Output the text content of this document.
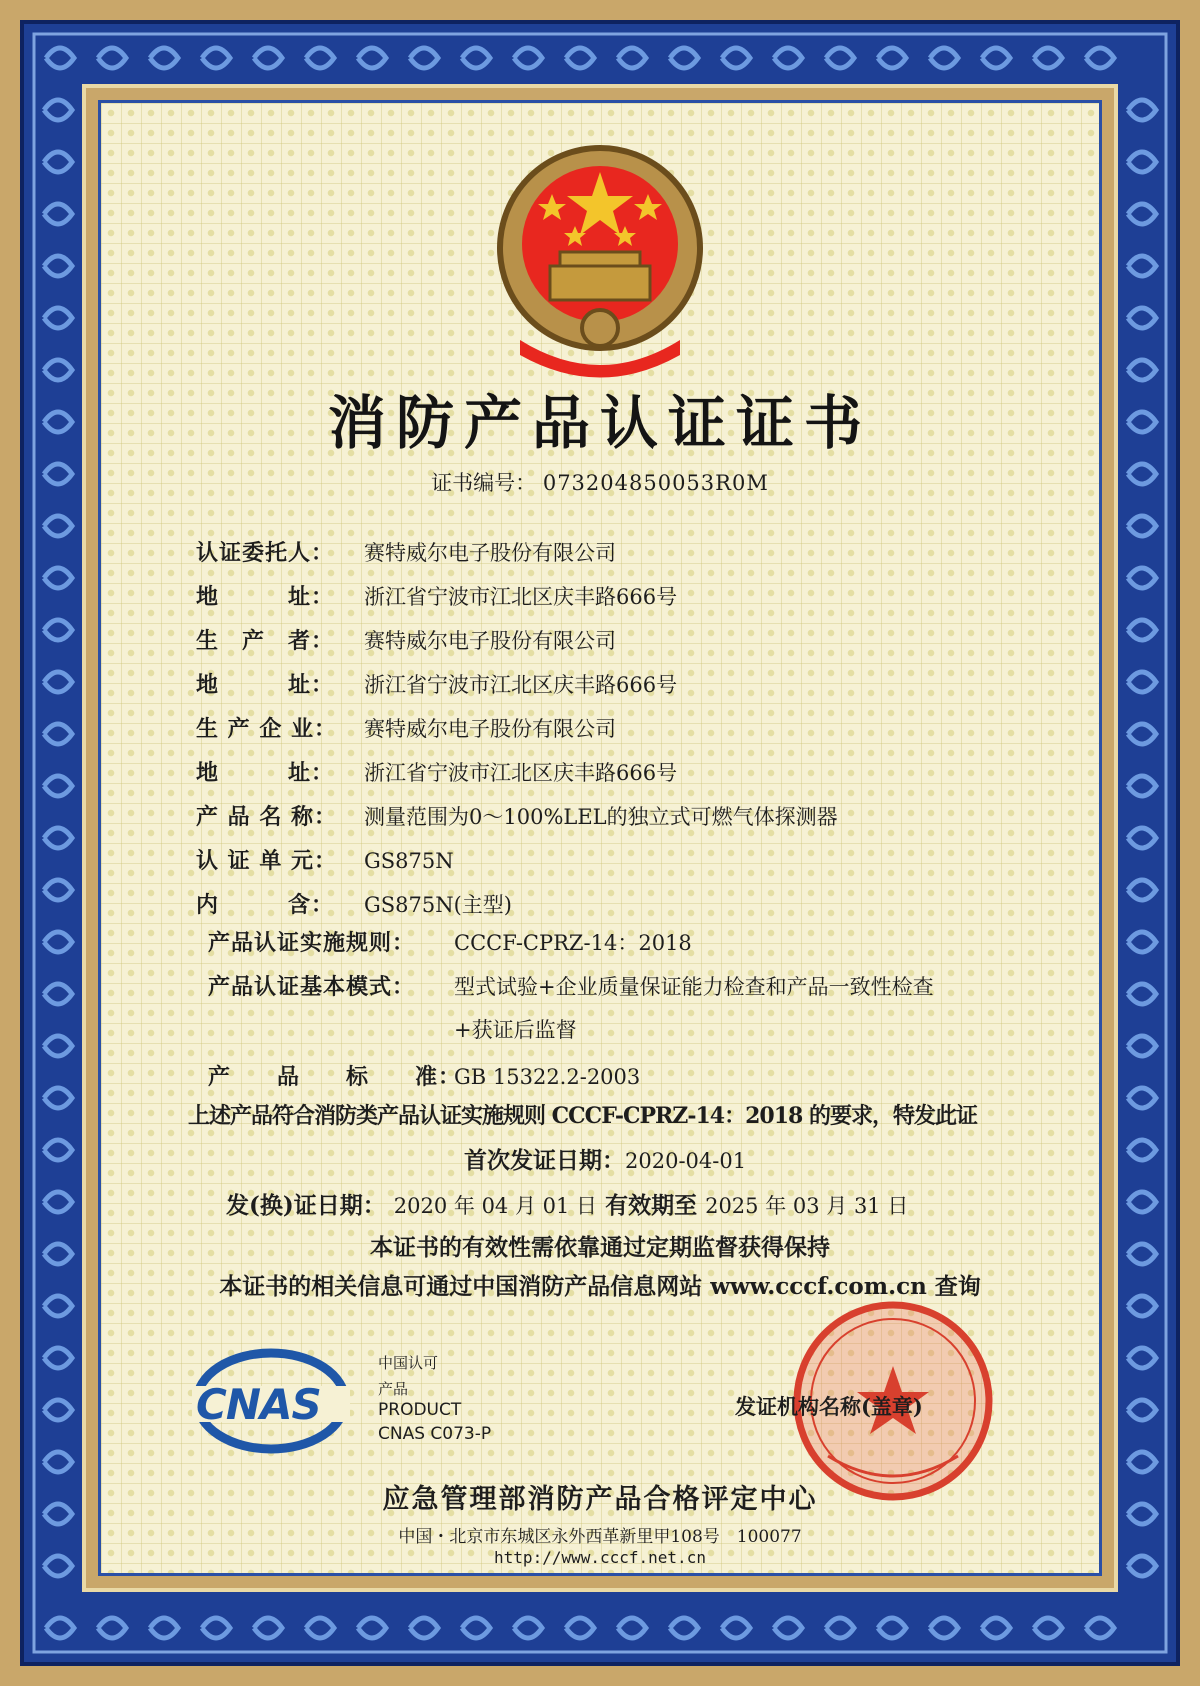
消防产品认证证书
证书编号： 073204850053R0M
认证委托人： 赛特威尔电子股份有限公司
地　　　址： 浙江省宁波市江北区庆丰路666号
生　产　者： 赛特威尔电子股份有限公司
地　　　址： 浙江省宁波市江北区庆丰路666号
生 产 企 业： 赛特威尔电子股份有限公司
地　　　址： 浙江省宁波市江北区庆丰路666号
产 品 名 称： 测量范围为0～100%LEL的独立式可燃气体探测器
认 证 单 元： GS875N
内　　　含： GS875N(主型)
产品认证实施规则： CCCF-CPRZ-14：2018
产品认证基本模式： 型式试验+企业质量保证能力检查和产品一致性检查
+获证后监督
产　　品　　标　　准：GB 15322.2-2003
上述产品符合消防类产品认证实施规则 CCCF-CPRZ-14：2018 的要求，特发此证
首次发证日期：2020-04-01
发(换)证日期： 2020 年 04 月 01 日 有效期至 2025 年 03 月 31 日
本证书的有效性需依靠通过定期监督获得保持
本证书的相关信息可通过中国消防产品信息网站 www.cccf.com.cn 查询
CNAS
中国认可
产品
PRODUCT
CNAS C073-P
发证机构名称(盖章)
应急管理部消防产品合格评定中心
中国・北京市东城区永外西革新里甲108号　100077
http://www.cccf.net.cn
